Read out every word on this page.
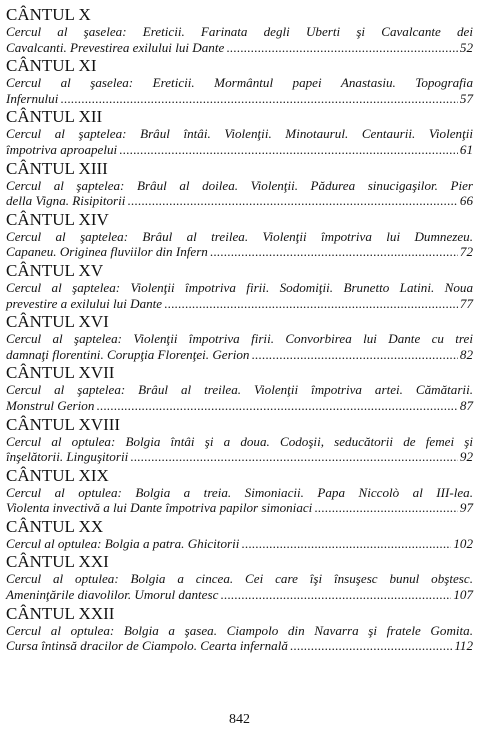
CÂNTUL X
Cercul al şaselea: Ereticii. Farinata degli Uberti şi Cavalcante dei
Cavalcanti. Prevestirea exilului lui Dante .....	52
CÂNTUL XI
Cercul al şaselea: Ereticii. Mormântul papei Anastasiu. Topografia
Infernului .....	57
CÂNTUL XII
Cercul al şaptelea: Brâul întâi. Violenţii. Minotaurul. Centaurii. Violenţii
împotriva aproapelui .....	61
CÂNTUL XIII
Cercul al şaptelea: Brâul al doilea. Violenţii. Pădurea sinucigaşilor. Pier
della Vigna. Risipitorii .....	66
CÂNTUL XIV
Cercul al şaptelea: Brâul al treilea. Violenţii împotriva lui Dumnezeu.
Capaneu. Originea fluviilor din Infern .....	72
CÂNTUL XV
Cercul al şaptelea: Violenţii împotriva firii. Sodomiţii. Brunetto Latini. Noua
prevestire a exilului lui Dante .....	77
CÂNTUL XVI
Cercul al şaptelea: Violenţii împotriva firii. Convorbirea lui Dante cu trei
damnaţi florentini. Corupţia Florenţei. Gerion .....	82
CÂNTUL XVII
Cercul al şaptelea: Brâul al treilea. Violenţii împotriva artei. Cămătarii.
Monstrul Gerion .....	87
CÂNTUL XVIII
Cercul al optulea: Bolgia întâi şi a doua. Codoşii, seducătorii de femei şi
înşelătorii. Linguşitorii .....	92
CÂNTUL XIX
Cercul al optulea: Bolgia a treia. Simoniacii. Papa Niccolò al III-lea.
Violenta invectivă a lui Dante împotriva papilor simoniaci .....	97
CÂNTUL XX
Cercul al optulea: Bolgia a patra. Ghicitorii .....	102
CÂNTUL XXI
Cercul al optulea: Bolgia a cincea. Cei care îşi însuşesc bunul obştesc.
Ameninţările diavolilor. Umorul dantesc .....	107
CÂNTUL XXII
Cercul al optulea: Bolgia a şasea. Ciampolo din Navarra şi fratele Gomita.
Cursa întinsă dracilor de Ciampolo. Cearta infernală .....	112
842
